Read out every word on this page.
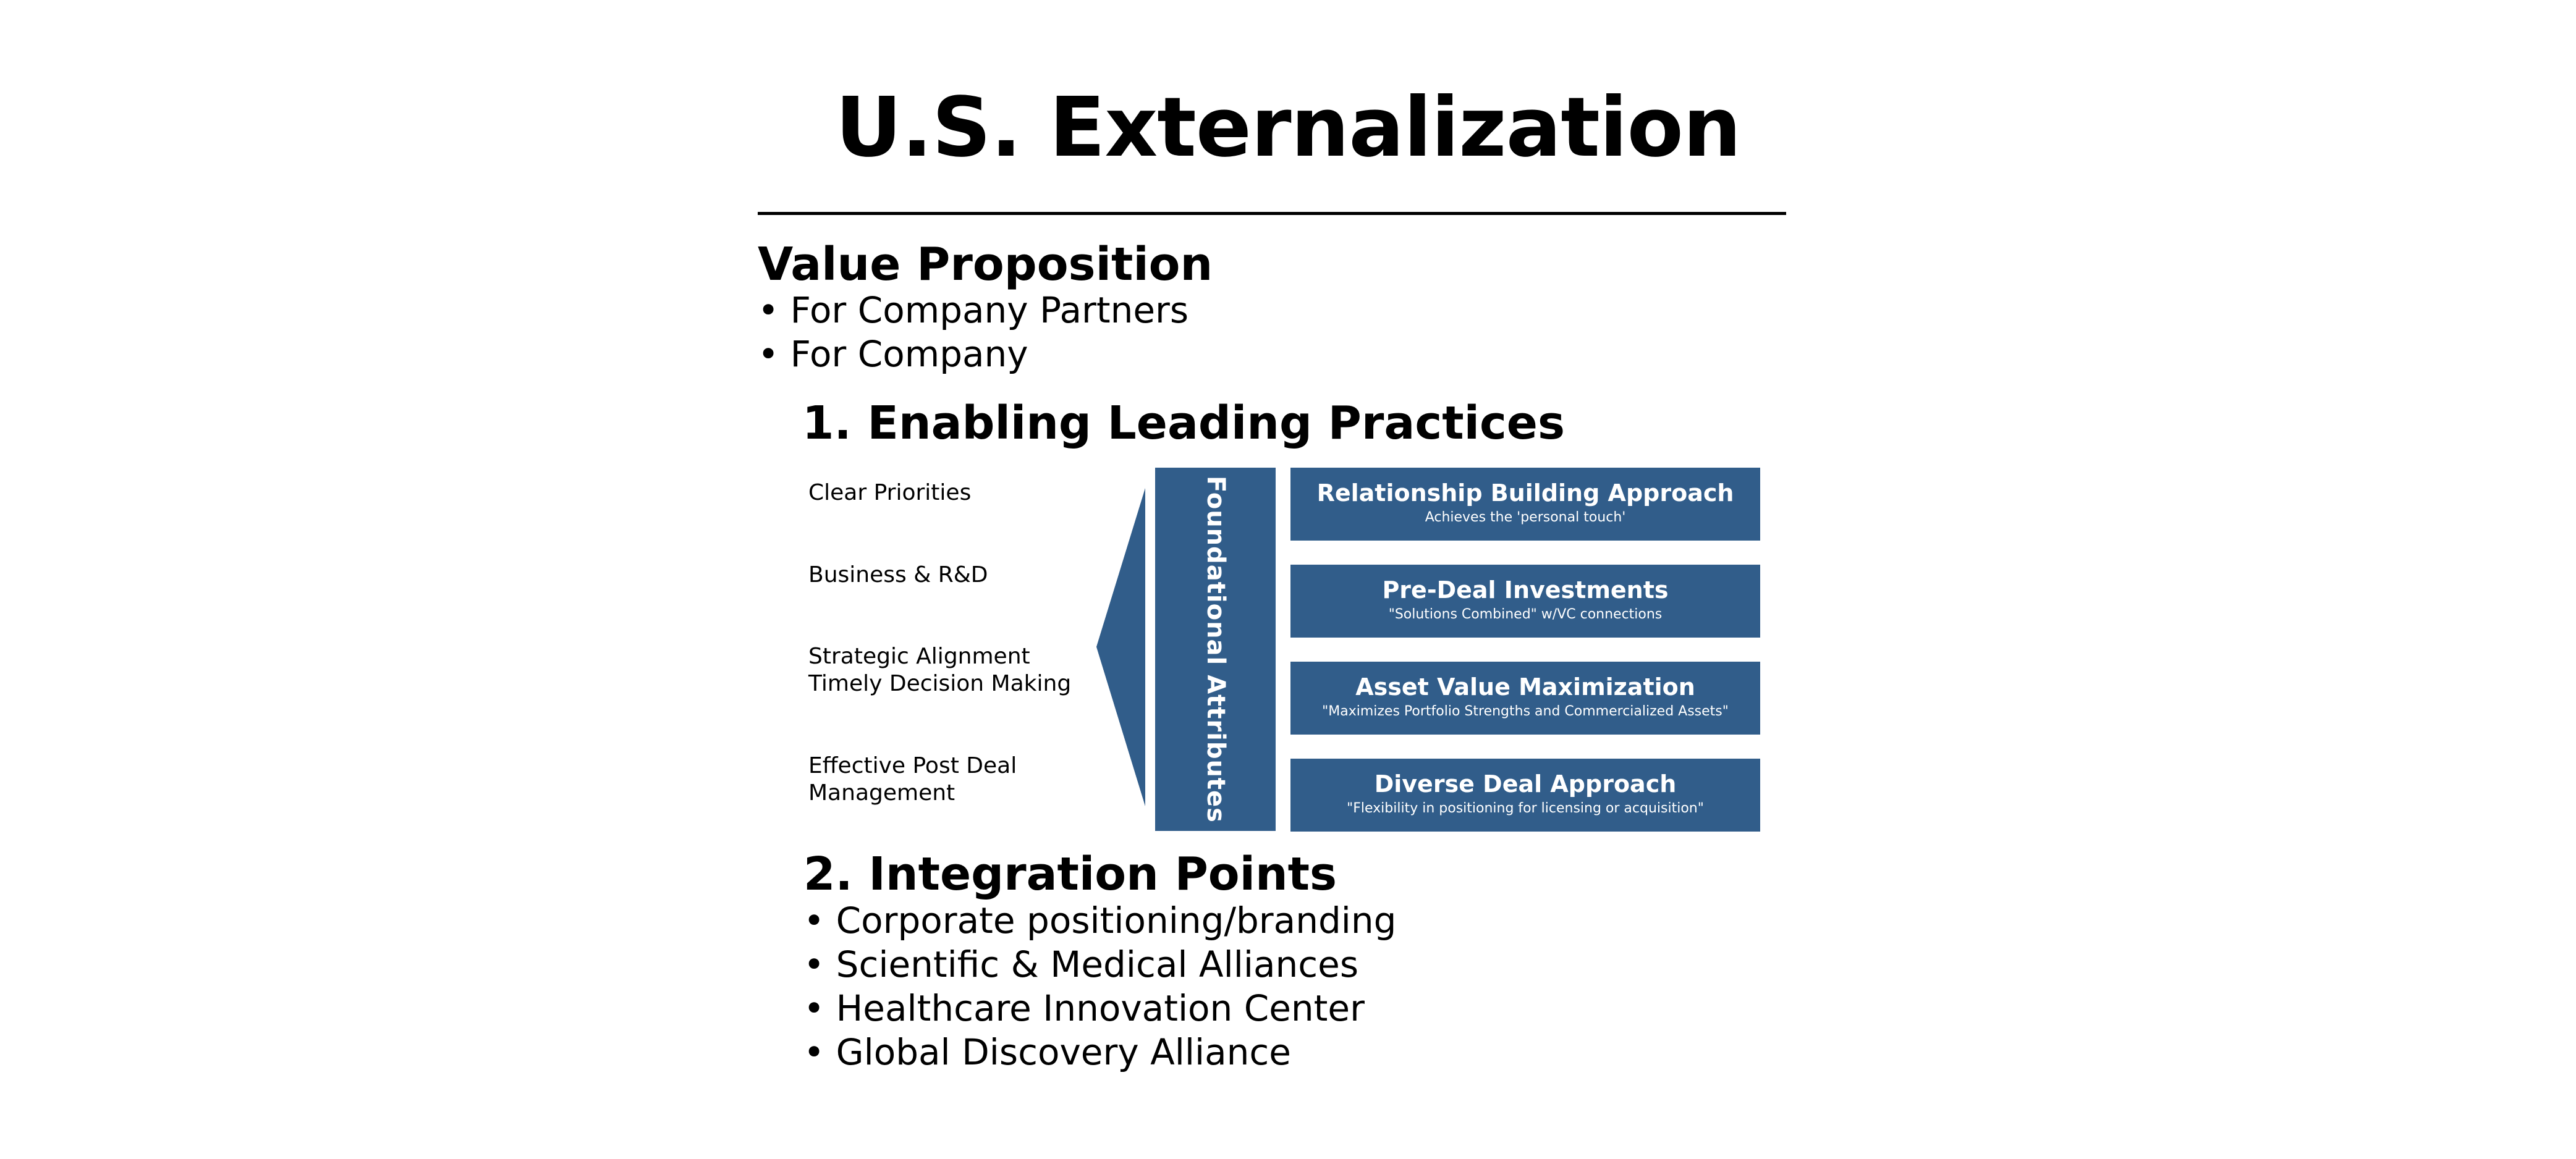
U.S. Externalization
Value Proposition
• For Company Partners
• For Company
1. Enabling Leading Practices
Clear Priorities
Business & R&D
Strategic Alignment
Timely Decision Making
Effective Post Deal
Management	Foundational Attributes	Relationship Building Approach
Achieves the 'personal touch'
Pre-Deal Investments
"Solutions Combined" w/VC connections
Asset Value Maximization
"Maximizes Portfolio Strengths and Commercialized Assets"
Diverse Deal Approach
"Flexibility in positioning for licensing or acquisition"
2. Integration Points
• Corporate positioning/branding
• Scientific & Medical Alliances
• Healthcare Innovation Center
• Global Discovery Alliance
